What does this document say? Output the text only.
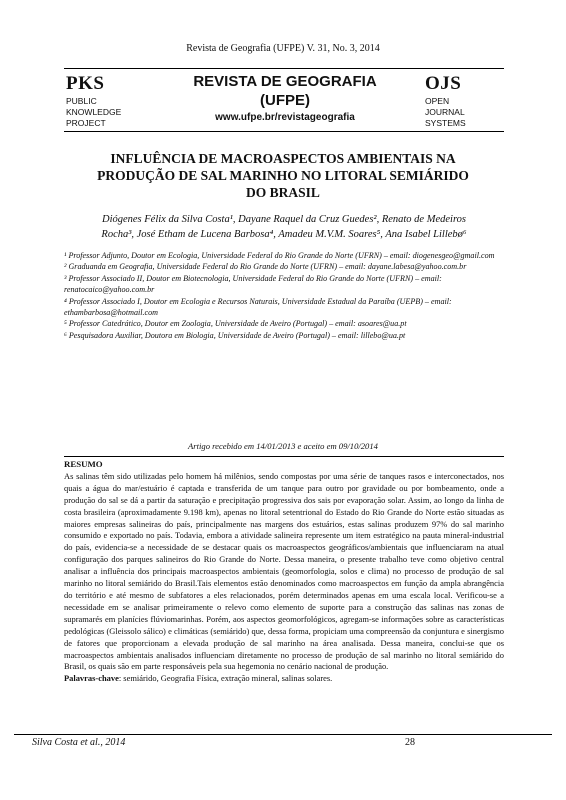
Revista de Geografia (UFPE) V. 31, No. 3, 2014
PKS
PUBLIC
KNOWLEDGE
PROJECT
REVISTA DE GEOGRAFIA
(UFPE)
www.ufpe.br/revistageografia
OJS
OPEN
JOURNAL
SYSTEMS
INFLUÊNCIA DE MACROASPECTOS AMBIENTAIS NA
PRODUÇÃO DE SAL MARINHO NO LITORAL SEMIÁRIDO
DO BRASIL
Diógenes Félix da Silva Costa¹, Dayane Raquel da Cruz Guedes², Renato de Medeiros
Rocha³, José Etham de Lucena Barbosa⁴, Amadeu M.V.M. Soares⁵, Ana Isabel Lillebø⁶

¹ Professor Adjunto, Doutor em Ecologia, Universidade Federal do Rio Grande do Norte (UFRN) – email: diogenesgeo@gmail.com

² Graduanda em Geografia, Universidade Federal do Rio Grande do Norte (UFRN) – email: dayane.labesa@yahoo.com.br

³ Professor Associado II, Doutor em Biotecnologia, Universidade Federal do Rio Grande do Norte (UFRN) – email: renatocaico@yahoo.com.br

⁴ Professor Associado I, Doutor em Ecologia e Recursos Naturais, Universidade Estadual da Paraíba (UEPB) – email: ethambarbosa@hotmail.com

⁵ Professor Catedrático, Doutor em Zoologia, Universidade de Aveiro (Portugal) – email: asoares@ua.pt

⁶ Pesquisadora Auxiliar, Doutora em Biologia, Universidade de Aveiro (Portugal) – email: lillebo@ua.pt

Artigo recebido em 14/01/2013 e aceito em 09/10/2014
RESUMO

As salinas têm sido utilizadas pelo homem há milênios, sendo compostas por uma série de tanques rasos e interconectados, nos quais a água do mar/estuário é captada e transferida de um tanque para outro por gravidade ou por bombeamento, onde a produção do sal se dá a partir da saturação e precipitação progressiva dos sais por evaporação solar. Assim, ao longo da linha de costa brasileira (aproximadamente 9.198 km), apenas no litoral setentrional do Estado do Rio Grande do Norte estão situadas as maiores empresas salineiras do país, principalmente nas margens dos estuários, estas salinas produzem 97% do sal marinho consumido e exportado no país. Todavia, embora a atividade salineira represente um item estratégico na pauta mineral-industrial do país, evidencia-se a necessidade de se destacar quais os macroaspectos geográficos/ambientais que influenciaram na atual configuração dos parques salineiros do Rio Grande do Norte. Dessa maneira, o presente trabalho teve como objetivo central analisar a influência dos principais macroaspectos ambientais (geomorfologia, solos e clima) no processo de produção de sal marinho no litoral semiárido do Brasil.Tais elementos estão denominados como macroaspectos em função da ampla abrangência do território e até mesmo de subfatores a eles relacionados, porém determinados apenas em uma escala local. Verificou-se a necessidade em se analisar primeiramente o relevo como elemento de suporte para a construção das salinas nas zonas de supramarés em planícies flúviomarinhas. Porém, aos aspectos geomorfológicos, agregam-se informações sobre as características pedológicas (Gleissolo sálico) e climáticas (semiárido) que, dessa forma, propiciam uma compreensão da conjuntura e sinergismo de fatores que proporcionam a elevada produção de sal marinho na área analisada. Dessa maneira, conclui-se que os macroaspectos ambientais analisados influenciam diretamente no processo de produção de sal marinho no litoral semiárido do Brasil, os quais são em parte responsáveis pela sua hegemonia no cenário nacional de produção.

Palavras-chave: semiárido, Geografia Física, extração mineral, salinas solares.

Silva Costa et al., 2014	28
